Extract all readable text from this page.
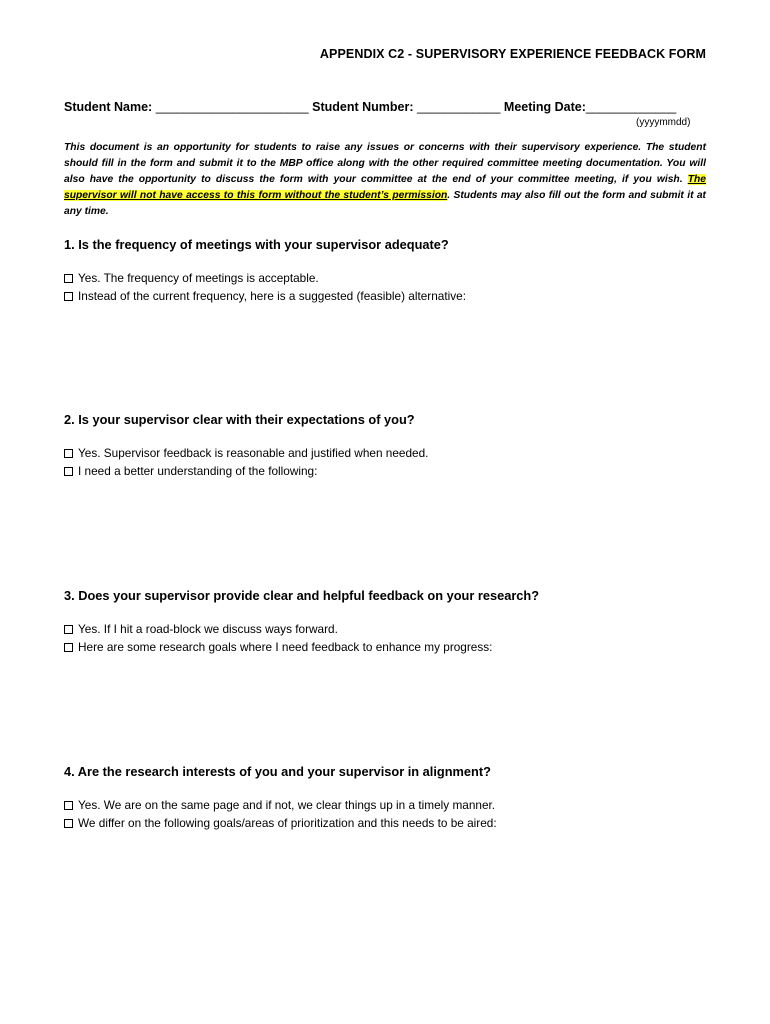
APPENDIX C2 - SUPERVISORY EXPERIENCE FEEDBACK FORM
Student Name: ______________________ Student Number: ____________ Meeting Date:_____________
(yyyymmdd)

This document is an opportunity for students to raise any issues or concerns with their supervisory experience. The student should fill in the form and submit it to the MBP office along with the other required committee meeting documentation. You will also have the opportunity to discuss the form with your committee at the end of your committee meeting, if you wish. The supervisor will not have access to this form without the student’s permission. Students may also fill out the form and submit it at any time.

1. Is the frequency of meetings with your supervisor adequate?
Yes. The frequency of meetings is acceptable.
Instead of the current frequency, here is a suggested (feasible) alternative:
2. Is your supervisor clear with their expectations of you?
Yes. Supervisor feedback is reasonable and justified when needed.
I need a better understanding of the following:
3. Does your supervisor provide clear and helpful feedback on your research?
Yes. If I hit a road-block we discuss ways forward.
Here are some research goals where I need feedback to enhance my progress:
4. Are the research interests of you and your supervisor in alignment?
Yes. We are on the same page and if not, we clear things up in a timely manner.
We differ on the following goals/areas of prioritization and this needs to be aired:
